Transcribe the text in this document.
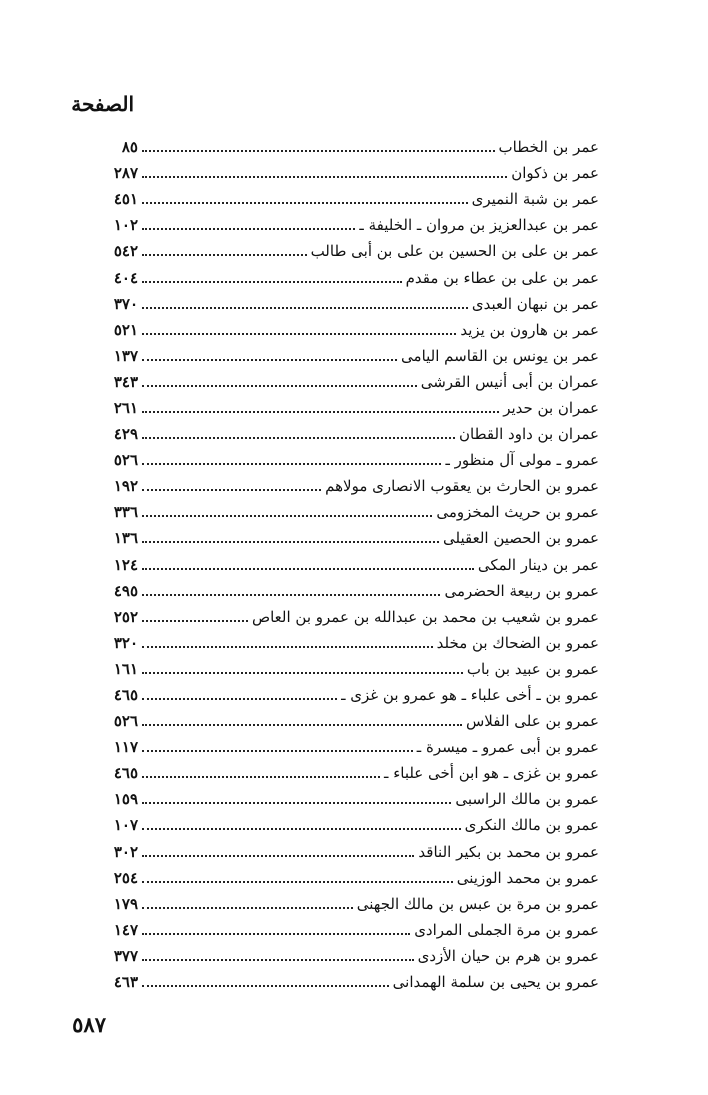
الصفحة
عمر بن الخطاب
٨٥
عمر بن ذكوان
٢٨٧
عمر بن شبة النميرى
٤٥١
عمر بن عبدالعزيز بن مروان ـ الخليفة ـ
١٠٢
عمر بن على بن الحسين بن على بن أبى طالب
٥٤٢
عمر بن على بن عطاء بن مقدم
٤٠٤
عمر بن نبهان العبدى
٣٧٠
عمر بن هارون بن يزيد
٥٢١
عمر بن يونس بن القاسم اليامى
١٣٧
عمران بن أبى أنيس القرشى
٣٤٣
عمران بن حدير
٢٦١
عمران بن داود القطان
٤٢٩
عمرو ـ مولى آل منظور ـ
٥٢٦
عمرو بن الحارث بن يعقوب الانصارى مولاهم
١٩٢
عمرو بن حريث المخزومى
٣٣٦
عمرو بن الحصين العقيلى
١٣٦
عمر بن دينار المكى
١٢٤
عمرو بن ربيعة الحضرمى
٤٩٥
عمرو بن شعيب بن محمد بن عبدالله بن عمرو بن العاص
٢٥٢
عمرو بن الضحاك بن مخلد
٣٢٠
عمرو بن عبيد بن باب
١٦١
عمرو بن ـ أخى علباء ـ هو عمرو بن غزى ـ
٤٦٥
عمرو بن على الفلاس
٥٢٦
عمرو بن أبى عمرو ـ ميسرة ـ
١١٧
عمرو بن غزى ـ هو ابن أخى علباء ـ
٤٦٥
عمرو بن مالك الراسبى
١٥٩
عمرو بن مالك النكرى
١٠٧
عمرو بن محمد بن بكير الناقد
٣٠٢
عمرو بن محمد الوزينى
٢٥٤
عمرو بن مرة بن عبس بن مالك الجهنى
١٧٩
عمرو بن مرة الجملى المرادى
١٤٧
عمرو بن هرم بن حيان الأزدى
٣٧٧
عمرو بن يحيى بن سلمة الهمدانى
٤٦٣
٥٨٧
